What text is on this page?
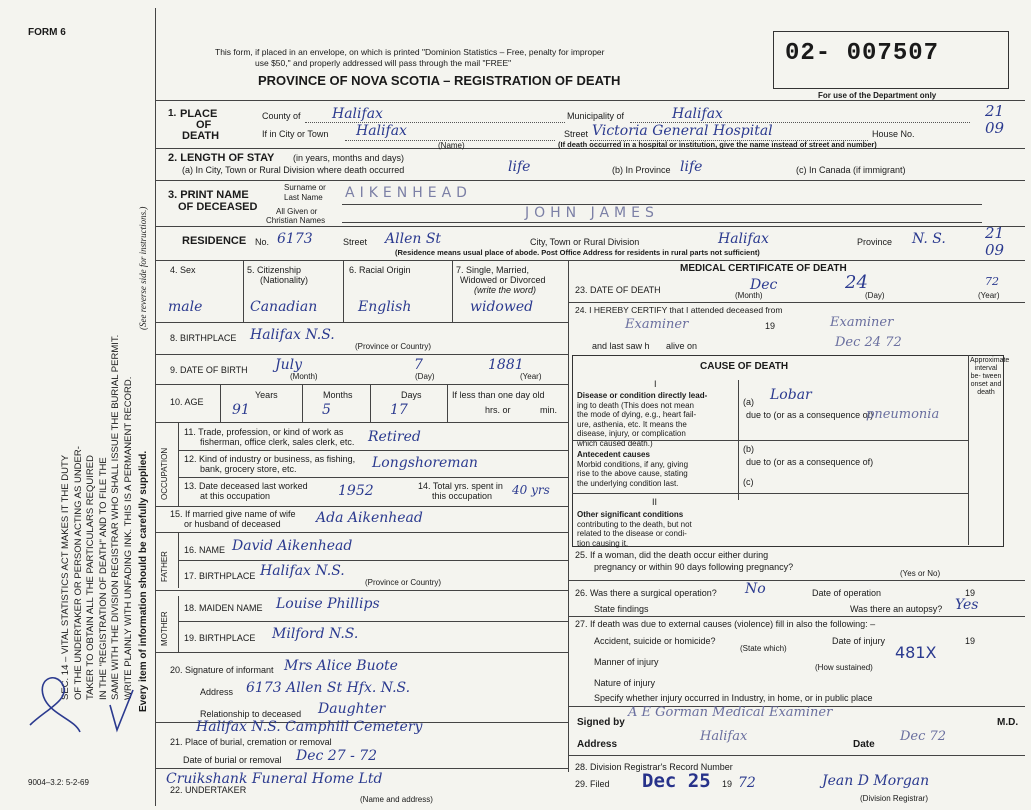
FORM 6
SEC. 14 – VITAL STATISTICS ACT MAKES IT THE DUTY OF THE UNDERTAKER OR PERSON ACTING AS UNDER- TAKER TO OBTAIN ALL THE PARTICULARS REQUIRED IN THE "REGISTRATION OF DEATH" AND TO FILE THE SAME WITH THE DIVISION REGISTRAR WHO SHALL ISSUE THE BURIAL PERMIT. WRITE PLAINLY WITH UNFADING INK. THIS IS A PERMANENT RECORD.
(See reverse side for instructions.)
Every item of information should be carefully supplied.
9004–3.2: 5-2-69
This form, if placed in an envelope, on which is printed "Dominion Statistics – Free, penalty for improper
use $50," and properly addressed will pass through the mail "FREE"
PROVINCE OF NOVA SCOTIA – REGISTRATION OF DEATH
02- 007507
For use of the Department only
1. PLACE
OF
DEATH
County of Halifax	Municipality of	Halifax	21
If in City or Town Halifax
(Name)
Street Victoria General Hospital	House No.	09
(If death occurred in a hospital or institution, give the name instead of street and number)
2. LENGTH OF STAY (in years, months and days)
(a) In City, Town or Rural Division where death occurred	life	(b) In Province life	(c) In Canada (if immigrant)
3. PRINT NAME
OF DECEASED
Surname or
Last Name
All Given or
Christian Names
AIKENHEAD
JOHN JAMES
RESIDENCE No. 6173	Street Allen St	City, Town or Rural Division	Halifax	Province N. S.	21
09
(Residence means usual place of abode. Post Office Address for residents in rural parts not sufficient)
4. Sex	5. Citizenship
(Nationality)
6. Racial Origin	7. Single, Married,
Widowed or Divorced
(write the word)
male	Canadian	English	widowed
8. BIRTHPLACE Halifax N.S.
(Province or Country)
9. DATE OF BIRTH July	7	1881
(Month)	(Day)	(Year)
10. AGE
Years	Months	Days
91	5	17
If less than one day old
hrs. or	min.
OCCUPATION
11. Trade, profession, or kind of work as
fisherman, office clerk, sales clerk, etc. Retired
12. Kind of industry or business, as fishing,
bank, grocery store, etc.	Longshoreman
13. Date deceased last worked
at this occupation	1952	14. Total yrs. spent in
this occupation 40 yrs
15. If married give name of wife
or husband of deceased	Ada Aikenhead
FATHER
16. NAME David Aikenhead
17. BIRTHPLACE Halifax N.S.
(Province or Country)
MOTHER
18. MAIDEN NAME Louise Phillips
19. BIRTHPLACE Milford N.S.
20. Signature of informant Mrs Alice Buote
Address 6173 Allen St Hfx. N.S.
Relationship to deceased Daughter
Halifax N.S. Camphill Cemetery
21. Place of burial, cremation or removal
Date of burial or removal Dec 27 - 72
Cruikshank Funeral Home Ltd
22. UNDERTAKER
(Name and address)
MEDICAL CERTIFICATE OF DEATH
23. DATE OF DEATH	Dec	24	72
(Month)	(Day)	(Year)
24. I HEREBY CERTIFY that I attended deceased from
Examiner	19	Examiner
and last saw h alive on	Dec 24 72
CAUSE OF DEATH
Approximate interval be- tween onset and death
I
Disease or condition directly lead-
ing to death (This does not mean
the mode of dying, e.g., heart fail-
ure, asthenia, etc. It means the
disease, injury, or complication
which caused death.)
(a) Lobar
due to (or as a consequence of)
pneumonia
(b)
Antecedent causes
Morbid conditions, if any, giving
rise to the above cause, stating
the underlying condition last.
due to (or as a consequence of)
(c)
II
Other significant conditions
contributing to the death, but not
related to the disease or condi-
tion causing it.
25. If a woman, did the death occur either during
pregnancy or within 90 days following pregnancy?
(Yes or No)
26. Was there a surgical operation? No	Date of operation	19
State findings	Was there an autopsy? Yes
27. If death was due to external causes (violence) fill in also the following: –
Accident, suicide or homicide?	Date of injury	19
(State which)	481X
Manner of injury
(How sustained)
Nature of injury
Specify whether injury occurred in Industry, in home, or in public place
Signed by
A E Gorman Medical Examiner
M.D.
Address
Halifax
Date
Dec 72
28. Division Registrar's Record Number
29. Filed Dec 25 19 72	Jean D Morgan
(Division Registrar)
